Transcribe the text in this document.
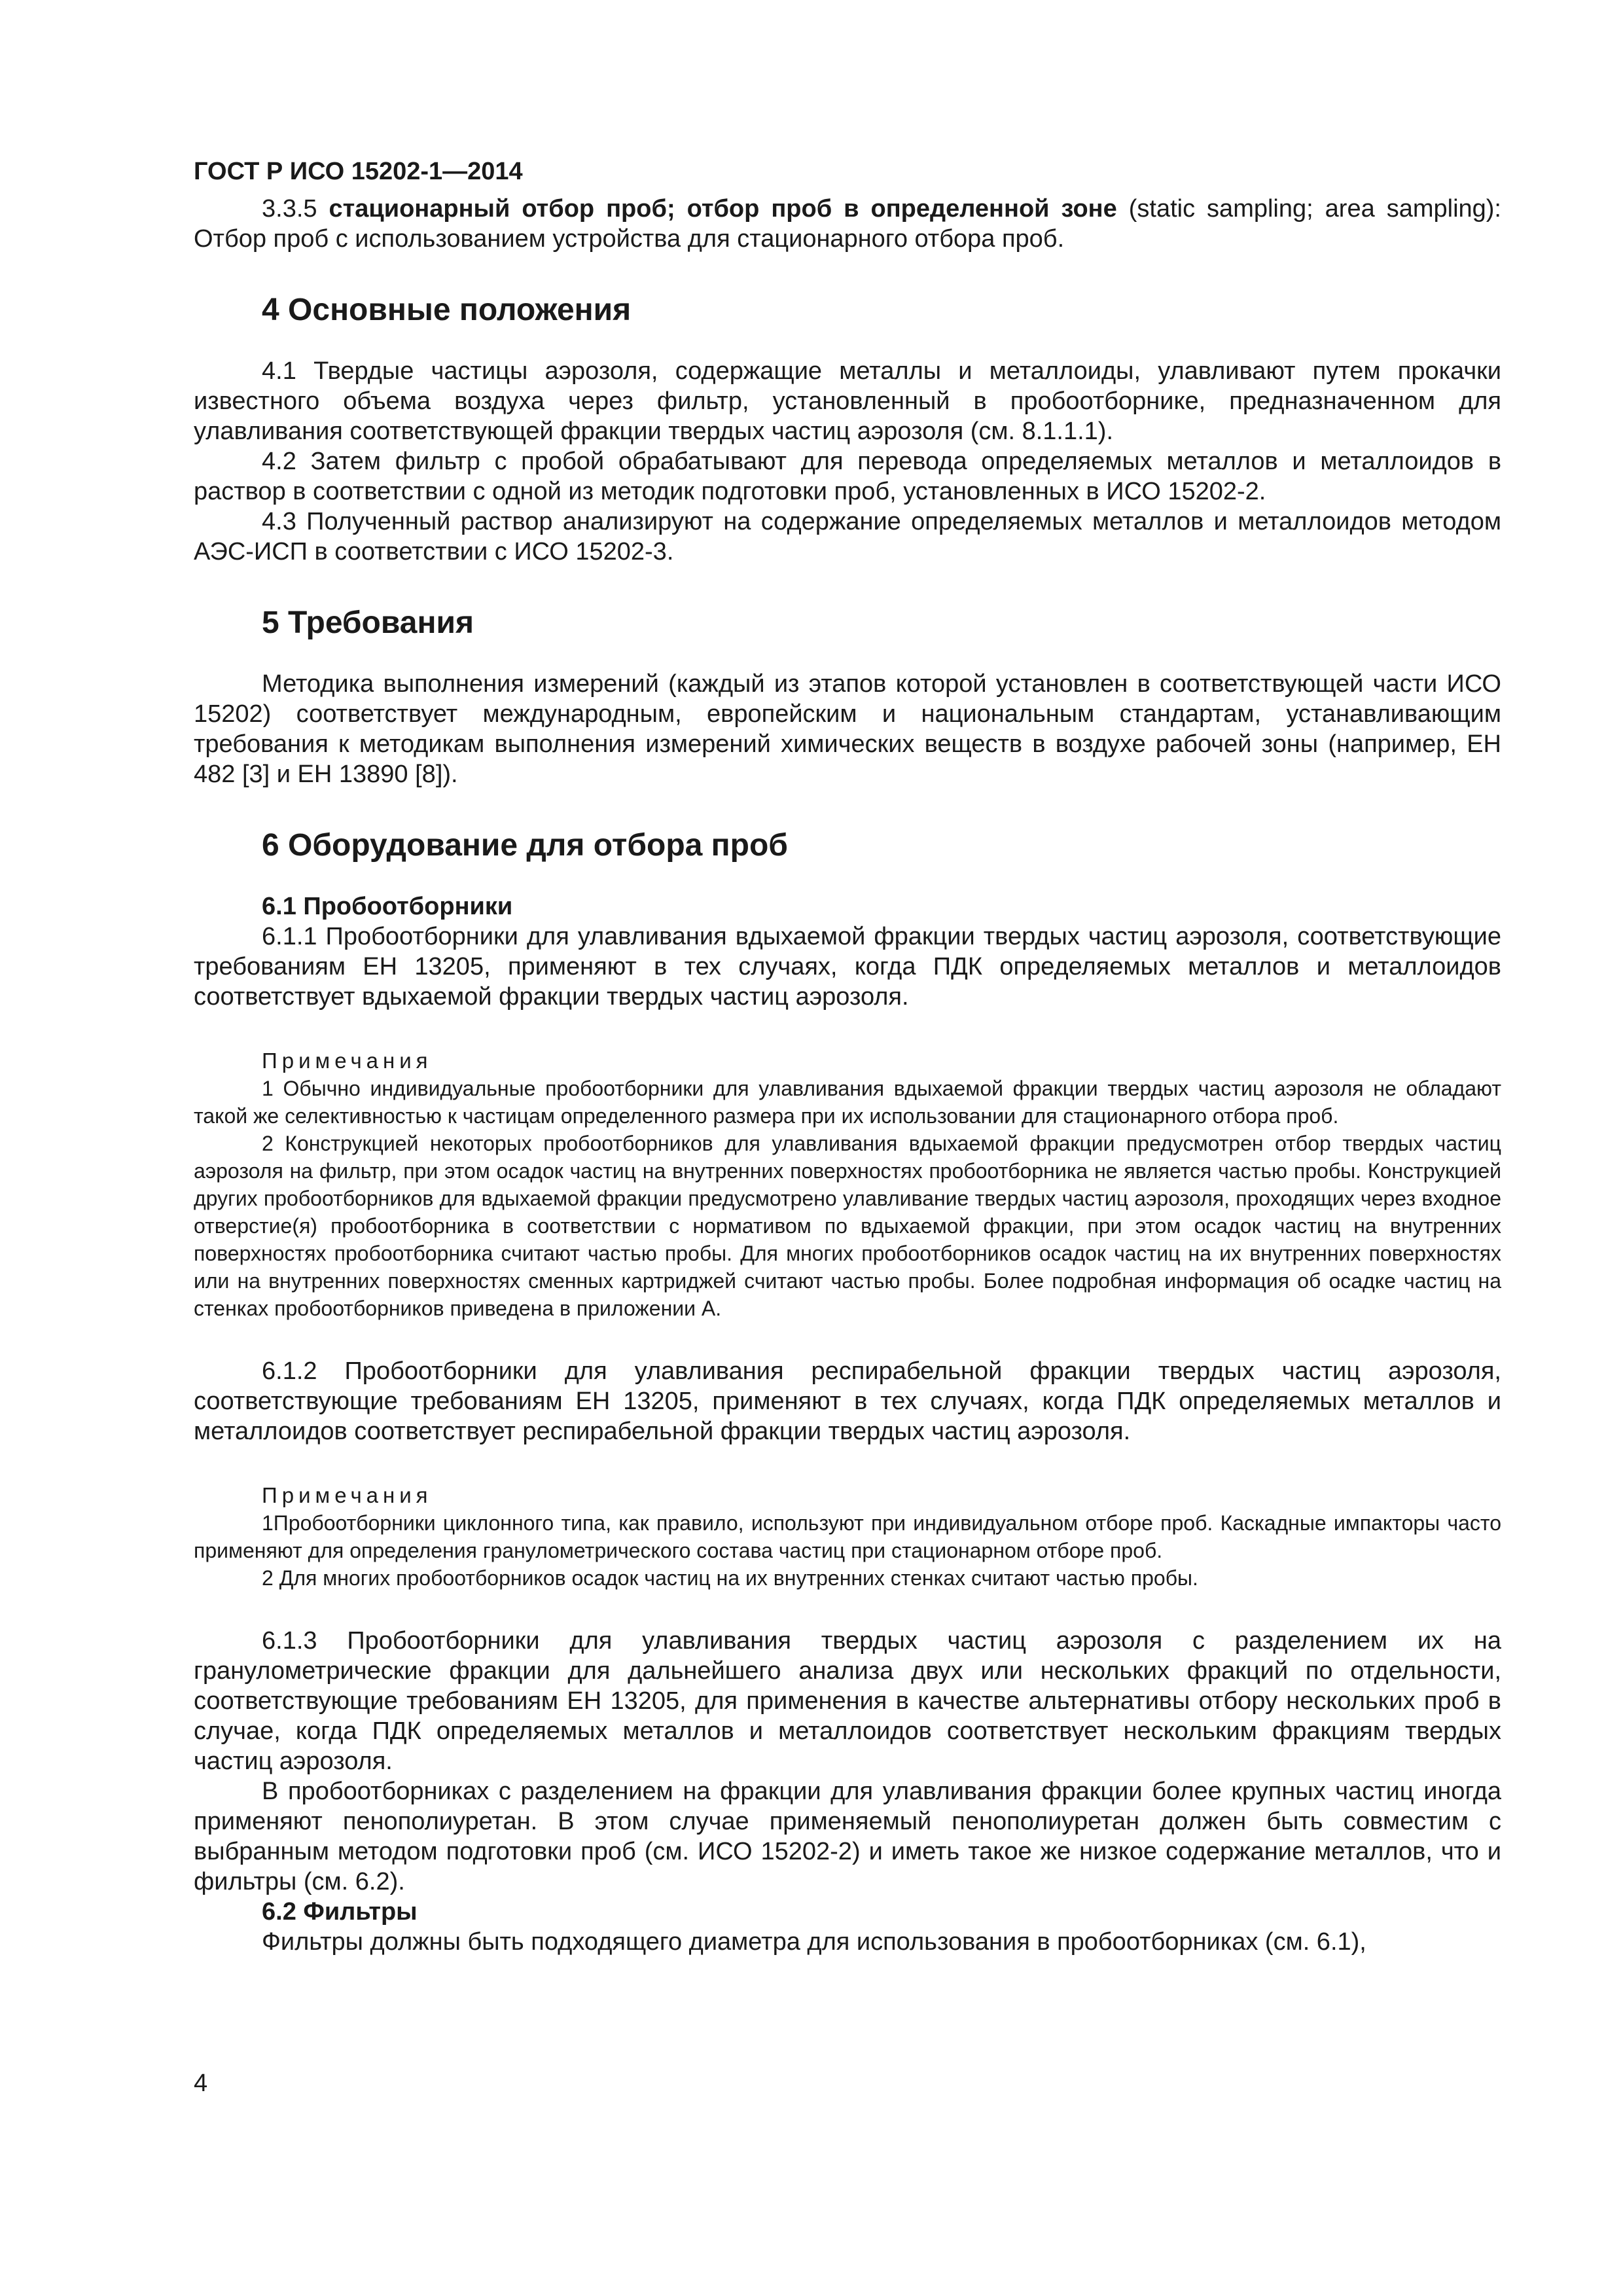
ГОСТ Р ИСО 15202-1—2014

3.3.5 стационарный отбор проб; отбор проб в определенной зоне (static sampling; area sampling): Отбор проб с использованием устройства для стационарного отбора проб.

4 Основные положения

4.1 Твердые частицы аэрозоля, содержащие металлы и металлоиды, улавливают путем прокачки известного объема воздуха через фильтр, установленный в пробоотборнике, предназначенном для улавливания соответствующей фракции твердых частиц аэрозоля (см. 8.1.1.1).

4.2 Затем фильтр с пробой обрабатывают для перевода определяемых металлов и металлоидов в раствор в соответствии с одной из методик подготовки проб, установленных в ИСО 15202-2.

4.3 Полученный раствор анализируют на содержание определяемых металлов и металлоидов методом АЭС-ИСП в соответствии с ИСО 15202-3.

5 Требования

Методика выполнения измерений (каждый из этапов которой установлен в соответствующей части ИСО 15202) соответствует международным, европейским и национальным стандартам, устанавливающим требования к методикам выполнения измерений химических веществ в воздухе рабочей зоны (например, ЕН 482 [3] и ЕН 13890 [8]).

6 Оборудование для отбора проб
6.1 Пробоотборники

6.1.1 Пробоотборники для улавливания вдыхаемой фракции твердых частиц аэрозоля, соответствующие требованиям ЕН 13205, применяют в тех случаях, когда ПДК определяемых металлов и металлоидов соответствует вдыхаемой фракции твердых частиц аэрозоля.

Примечания

1 Обычно индивидуальные пробоотборники для улавливания вдыхаемой фракции твердых частиц аэрозоля не обладают такой же селективностью к частицам определенного размера при их использовании для стационарного отбора проб.

2 Конструкцией некоторых пробоотборников для улавливания вдыхаемой фракции предусмотрен отбор твердых частиц аэрозоля на фильтр, при этом осадок частиц на внутренних поверхностях пробоотборника не является частью пробы. Конструкцией других пробоотборников для вдыхаемой фракции предусмотрено улавливание твердых частиц аэрозоля, проходящих через входное отверстие(я) пробоотборника в соответствии с нормативом по вдыхаемой фракции, при этом осадок частиц на внутренних поверхностях пробоотборника считают частью пробы. Для многих пробоотборников осадок частиц на их внутренних поверхностях или на внутренних поверхностях сменных картриджей считают частью пробы. Более подробная информация об осадке частиц на стенках пробоотборников приведена в приложении А.

6.1.2 Пробоотборники для улавливания респирабельной фракции твердых частиц аэрозоля, соответствующие требованиям ЕН 13205, применяют в тех случаях, когда ПДК определяемых металлов и металлоидов соответствует респирабельной фракции твердых частиц аэрозоля.

Примечания

1Пробоотборники циклонного типа, как правило, используют при индивидуальном отборе проб. Каскадные импакторы часто применяют для определения гранулометрического состава частиц при стационарном отборе проб.

2 Для многих пробоотборников осадок частиц на их внутренних стенках считают частью пробы.

6.1.3 Пробоотборники для улавливания твердых частиц аэрозоля с разделением их на гранулометрические фракции для дальнейшего анализа двух или нескольких фракций по отдельности, соответствующие требованиям ЕН 13205, для применения в качестве альтернативы отбору нескольких проб в случае, когда ПДК определяемых металлов и металлоидов соответствует нескольким фракциям твердых частиц аэрозоля.

В пробоотборниках с разделением на фракции для улавливания фракции более крупных частиц иногда применяют пенополиуретан. В этом случае применяемый пенополиуретан должен быть совместим с выбранным методом подготовки проб (см. ИСО 15202-2) и иметь такое же низкое содержание металлов, что и фильтры (см. 6.2).

6.2 Фильтры

Фильтры должны быть подходящего диаметра для использования в пробоотборниках (см. 6.1),

4
